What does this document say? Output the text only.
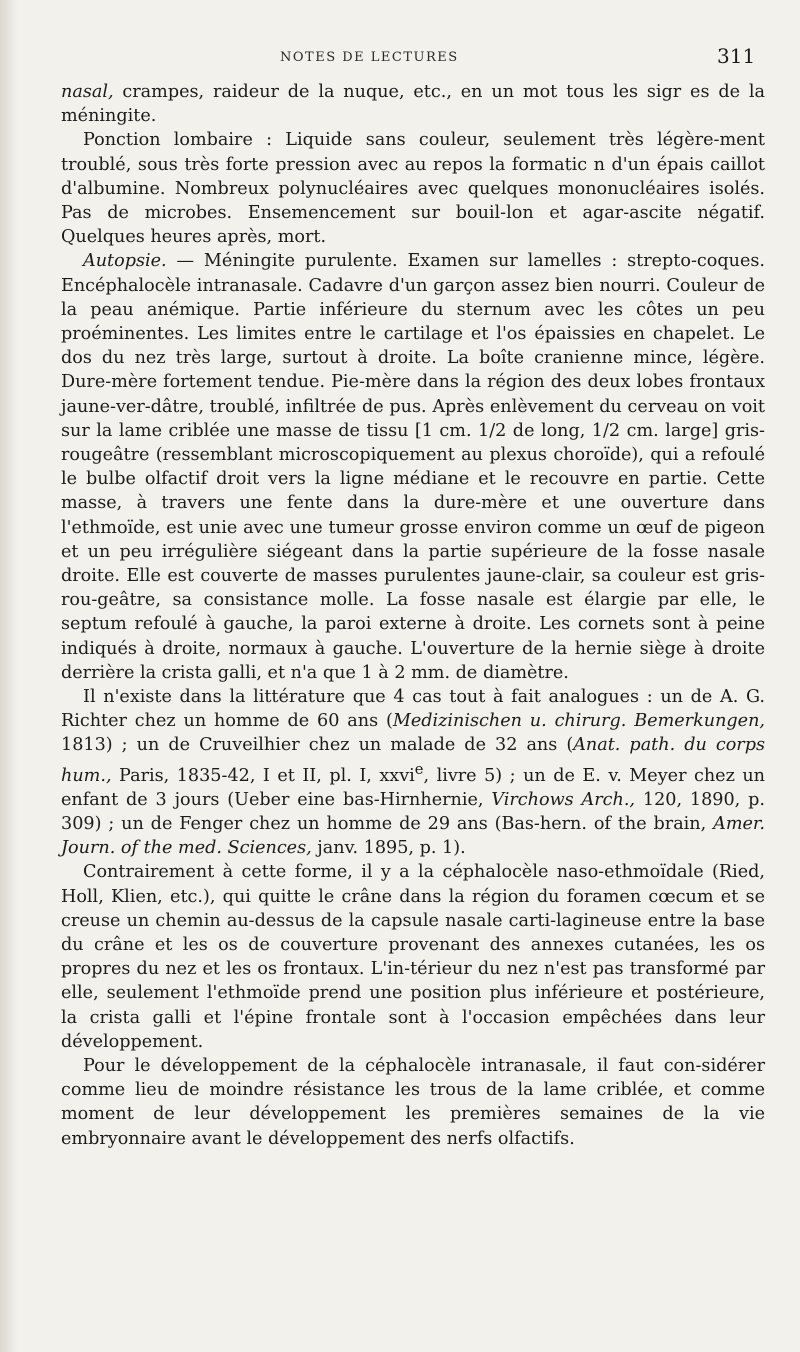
NOTES DE LECTURES	311

nasal, crampes, raideur de la nuque, etc., en un mot tous les sigr es de la méningite.

Ponction lombaire : Liquide sans couleur, seulement très légère-ment troublé, sous très forte pression avec au repos la formatic n d'un épais caillot d'albumine. Nombreux polynucléaires avec quelques mononucléaires isolés. Pas de microbes. Ensemencement sur bouil-lon et agar-ascite négatif. Quelques heures après, mort.

Autopsie. — Méningite purulente. Examen sur lamelles : strepto-coques. Encéphalocèle intranasale. Cadavre d'un garçon assez bien nourri. Couleur de la peau anémique. Partie inférieure du sternum avec les côtes un peu proéminentes. Les limites entre le cartilage et l'os épaissies en chapelet. Le dos du nez très large, surtout à droite. La boîte cranienne mince, légère. Dure-mère fortement tendue. Pie-mère dans la région des deux lobes frontaux jaune-ver-dâtre, troublé, infiltrée de pus. Après enlèvement du cerveau on voit sur la lame criblée une masse de tissu [1 cm. 1/2 de long, 1/2 cm. large] gris-rougeâtre (ressemblant microscopiquement au plexus choroïde), qui a refoulé le bulbe olfactif droit vers la ligne médiane et le recouvre en partie. Cette masse, à travers une fente dans la dure-mère et une ouverture dans l'ethmoïde, est unie avec une tumeur grosse environ comme un œuf de pigeon et un peu irrégulière siégeant dans la partie supérieure de la fosse nasale droite. Elle est couverte de masses purulentes jaune-clair, sa couleur est gris-rou-geâtre, sa consistance molle. La fosse nasale est élargie par elle, le septum refoulé à gauche, la paroi externe à droite. Les cornets sont à peine indiqués à droite, normaux à gauche. L'ouverture de la hernie siège à droite derrière la crista galli, et n'a que 1 à 2 mm. de diamètre.

Il n'existe dans la littérature que 4 cas tout à fait analogues : un de A. G. Richter chez un homme de 60 ans (Medizinischen u. chirurg. Bemerkungen, 1813) ; un de Cruveilhier chez un malade de 32 ans (Anat. path. du corps hum., Paris, 1835-42, I et II, pl. I, xxvi$^e$, livre 5) ; un de E. v. Meyer chez un enfant de 3 jours (Ueber eine bas-Hirnhernie, Virchows Arch., 120, 1890, p. 309) ; un de Fenger chez un homme de 29 ans (Bas-hern. of the brain, Amer. Journ. of the med. Sciences, janv. 1895, p. 1).

Contrairement à cette forme, il y a la céphalocèle naso-ethmoïdale (Ried, Holl, Klien, etc.), qui quitte le crâne dans la région du foramen cœcum et se creuse un chemin au-dessus de la capsule nasale carti-lagineuse entre la base du crâne et les os de couverture provenant des annexes cutanées, les os propres du nez et les os frontaux. L'in-térieur du nez n'est pas transformé par elle, seulement l'ethmoïde prend une position plus inférieure et postérieure, la crista galli et l'épine frontale sont à l'occasion empêchées dans leur développement.

Pour le développement de la céphalocèle intranasale, il faut con-sidérer comme lieu de moindre résistance les trous de la lame criblée, et comme moment de leur développement les premières semaines de la vie embryonnaire avant le développement des nerfs olfactifs.
